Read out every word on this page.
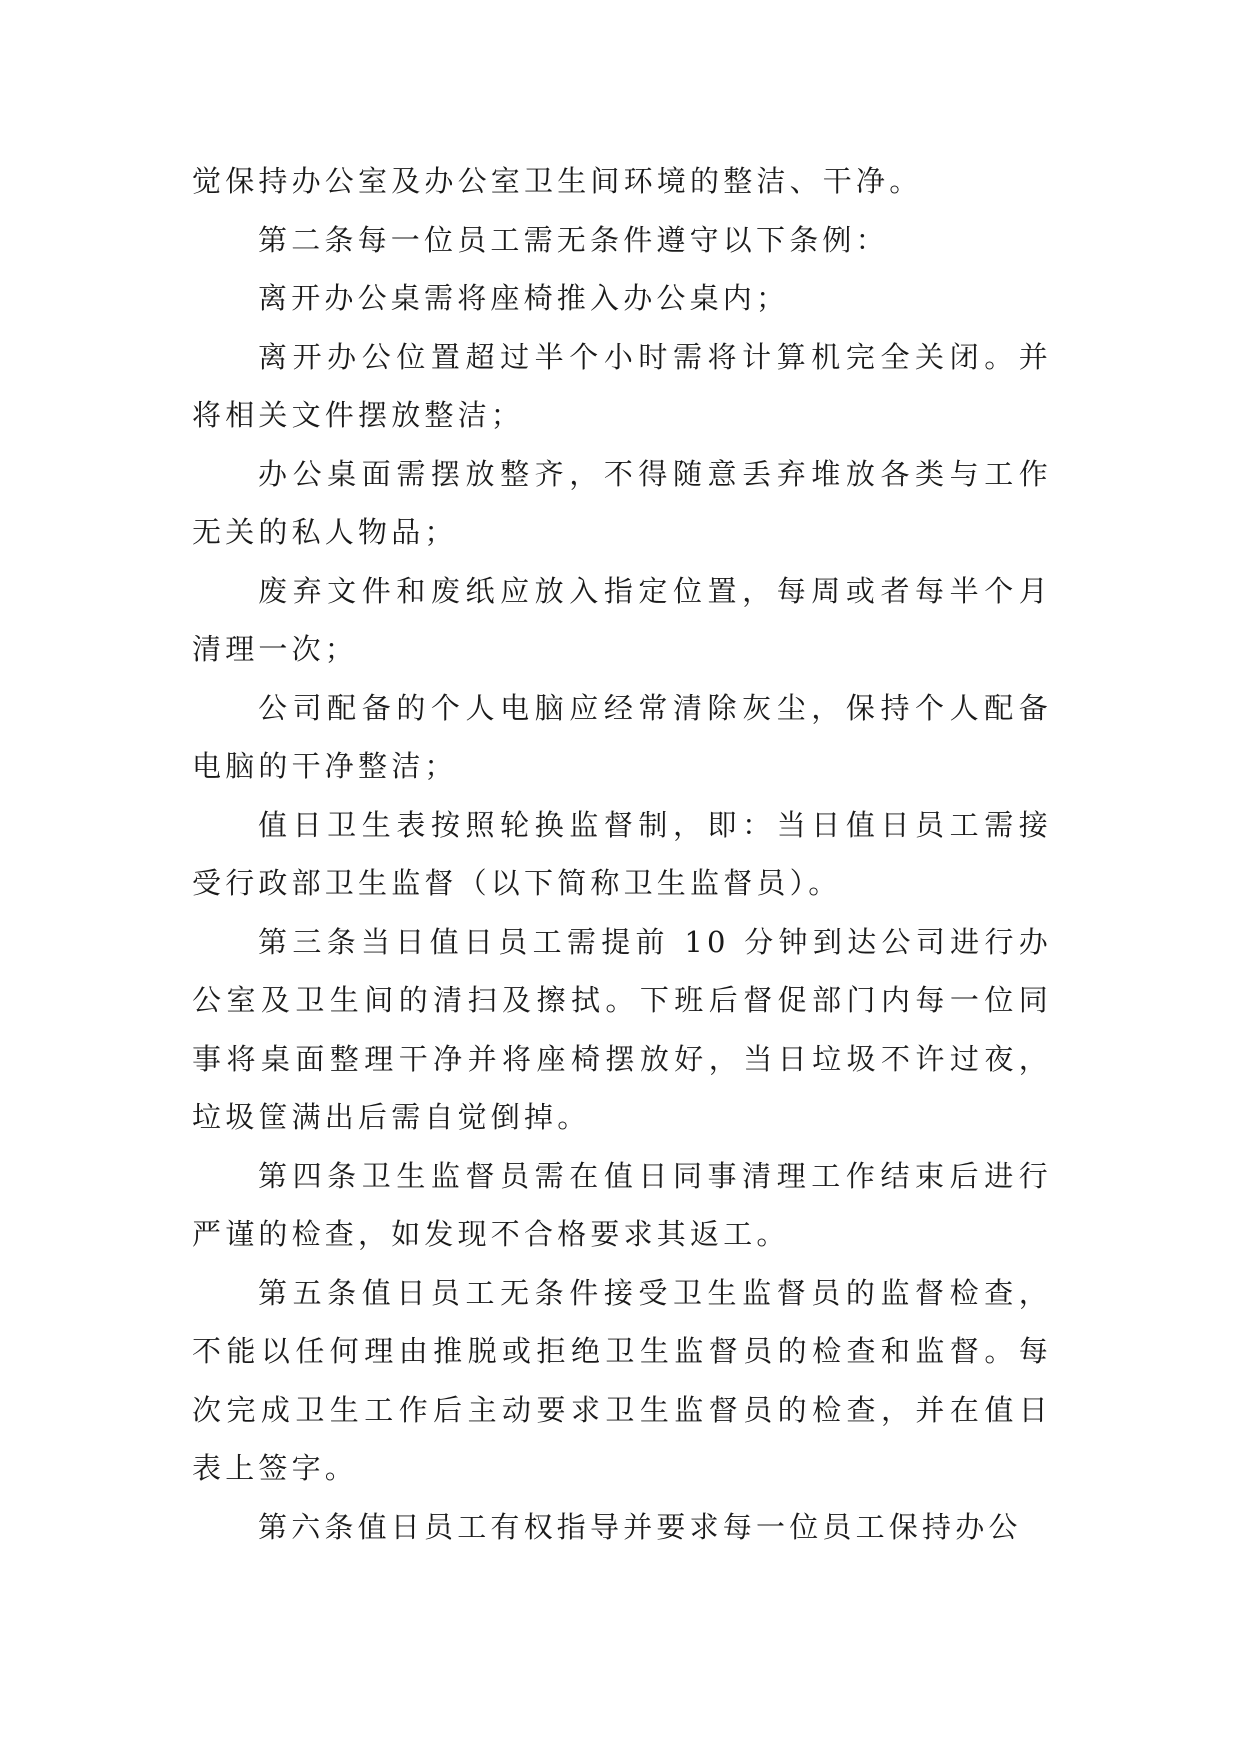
觉保持办公室及办公室卫生间环境的整洁、干净。

第二条每一位员工需无条件遵守以下条例：

离开办公桌需将座椅推入办公桌内；

离开办公位置超过半个小时需将计算机完全关闭。并将相关文件摆放整洁；

办公桌面需摆放整齐，不得随意丢弃堆放各类与工作无关的私人物品；

废弃文件和废纸应放入指定位置，每周或者每半个月清理一次；

公司配备的个人电脑应经常清除灰尘，保持个人配备电脑的干净整洁；

值日卫生表按照轮换监督制，即：当日值日员工需接受行政部卫生监督（以下简称卫生监督员）。

第三条当日值日员工需提前 10 分钟到达公司进行办公室及卫生间的清扫及擦拭。下班后督促部门内每一位同事将桌面整理干净并将座椅摆放好，当日垃圾不许过夜，垃圾筐满出后需自觉倒掉。

第四条卫生监督员需在值日同事清理工作结束后进行严谨的检查，如发现不合格要求其返工。

第五条值日员工无条件接受卫生监督员的监督检查，不能以任何理由推脱或拒绝卫生监督员的检查和监督。每次完成卫生工作后主动要求卫生监督员的检查，并在值日表上签字。

第六条值日员工有权指导并要求每一位员工保持办公
